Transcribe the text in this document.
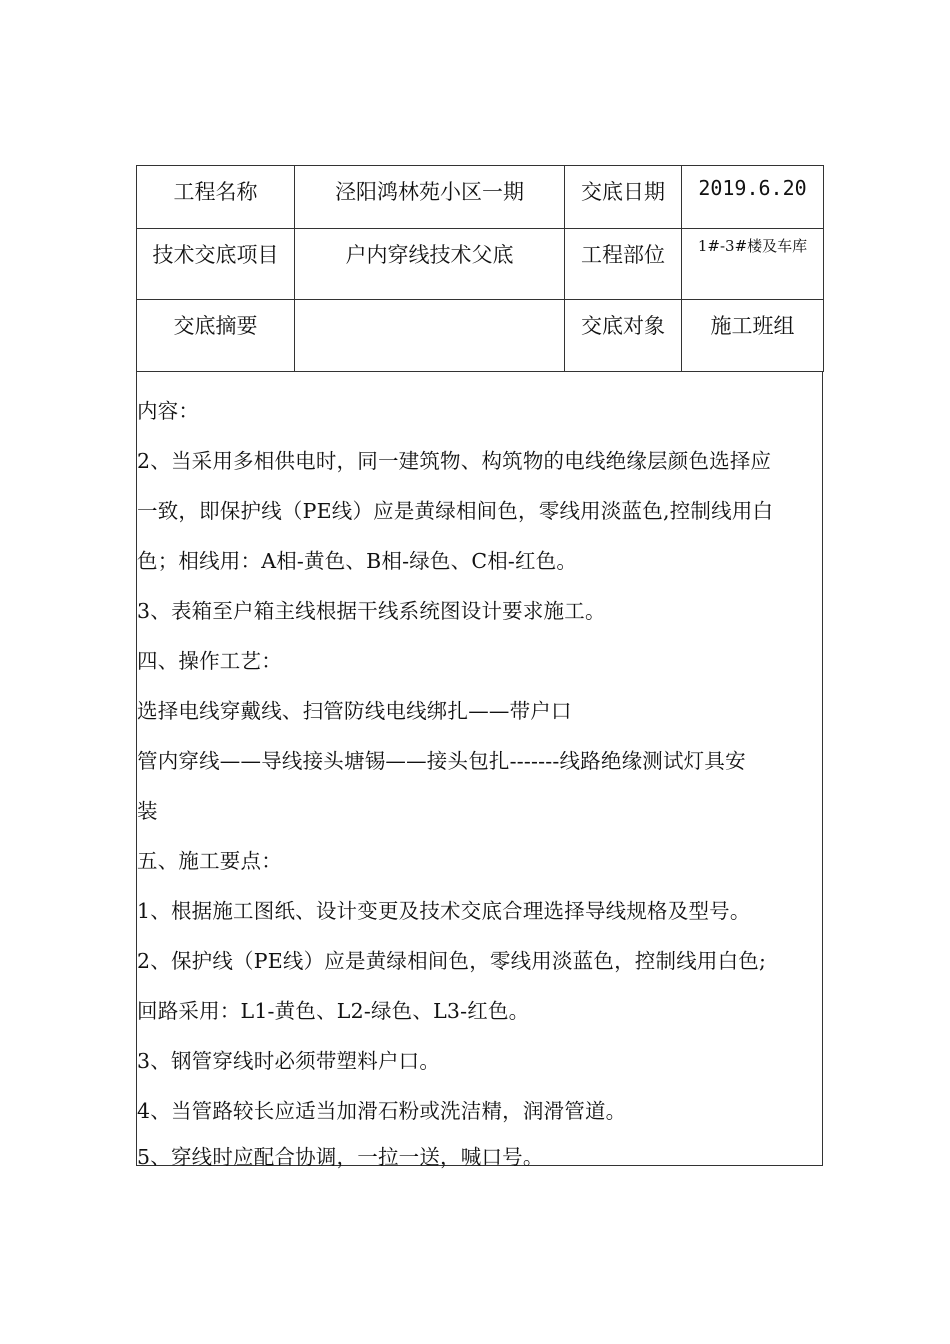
工程名称	泾阳鸿林苑小区一期	交底日期	2019.6.20
技术交底项目	户内穿线技术父底	工程部位	1#-3#楼及车库
交底摘要		交底对象	施工班组
内容：
2、当采用多相供电时，同一建筑物、构筑物的电线绝缘层颜色选择应
一致，即保护线（PE线）应是黄绿相间色，零线用淡蓝色,控制线用白
色；相线用：A相-黄色、B相-绿色、C相-红色。
3、表箱至户箱主线根据干线系统图设计要求施工。
四、操作工艺：
选择电线穿戴线、扫管防线电线绑扎——带户口
管内穿线——导线接头塘锡——接头包扎-------线路绝缘测试灯具安
装
五、施工要点：
1、根据施工图纸、设计变更及技术交底合理选择导线规格及型号。
2、保护线（PE线）应是黄绿相间色，零线用淡蓝色，控制线用白色;
回路采用：L1-黄色、L2-绿色、L3-红色。
3、钢管穿线时必须带塑料户口。
4、当管路较长应适当加滑石粉或洗洁精，润滑管道。
5、穿线时应配合协调，一拉一送，喊口号。
